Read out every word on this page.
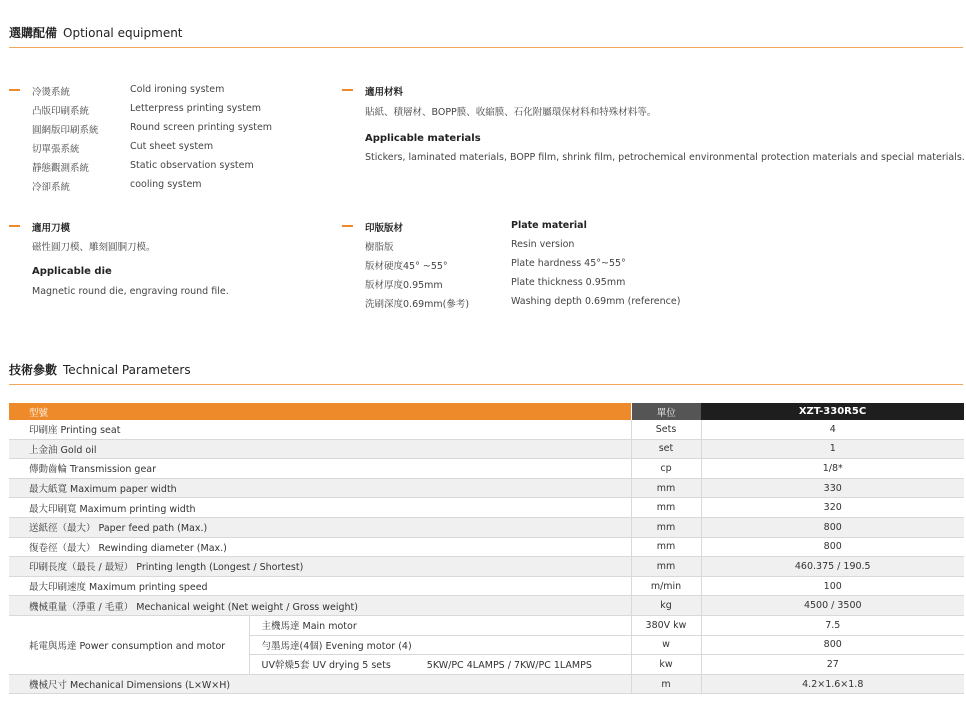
選購配備 Optional equipment
冷燙系統	Cold ironing system
凸版印刷系統	Letterpress printing system
圓網版印刷系統	Round screen printing system
切單張系統	Cut sheet system
靜態觀測系統	Static observation system
冷卻系統	cooling system
適用材料
貼紙、積層材、BOPP膜、收縮膜、石化附屬環保材料和特殊材料等。
Applicable materials
Stickers, laminated materials, BOPP film, shrink film, petrochemical environmental protection materials and special materials.
適用刀模
磁性圓刀模、雕刻圓胴刀模。
Applicable die
Magnetic round die, engraving round file.
印版版材	Plate material
樹脂版	Resin version
版材硬度45° ~55°	Plate hardness 45°~55°
版材厚度0.95mm	Plate thickness 0.95mm
洗刷深度0.69mm(參考)	Washing depth 0.69mm (reference)
技術參數 Technical Parameters
型號		單位	XZT-330R5C
印刷座 Printing seat		Sets	4
上金油 Gold oil		set	1
傳動齒輪 Transmission gear		cp	1/8*
最大紙寬 Maximum paper width		mm	330
最大印刷寬 Maximum printing width		mm	320
送紙徑（最大） Paper feed path (Max.)		mm	800
復卷徑（最大） Rewinding diameter (Max.)		mm	800
印刷長度（最長 / 最短） Printing length (Longest / Shortest)		mm	460.375 / 190.5
最大印刷速度 Maximum printing speed		m/min	100
機械重量（淨重 / 毛重） Mechanical weight (Net weight / Gross weight)		kg	4500 / 3500
耗電與馬達 Power consumption and motor	主機馬達 Main motor	380V kw	7.5
	勻墨馬達(4個) Evening motor (4)	w	800
	UV幹燥5套 UV drying 5 sets 5KW/PC 4LAMPS / 7KW/PC 1LAMPS	kw	27
機械尺寸 Mechanical Dimensions (L×W×H)		m	4.2×1.6×1.8
